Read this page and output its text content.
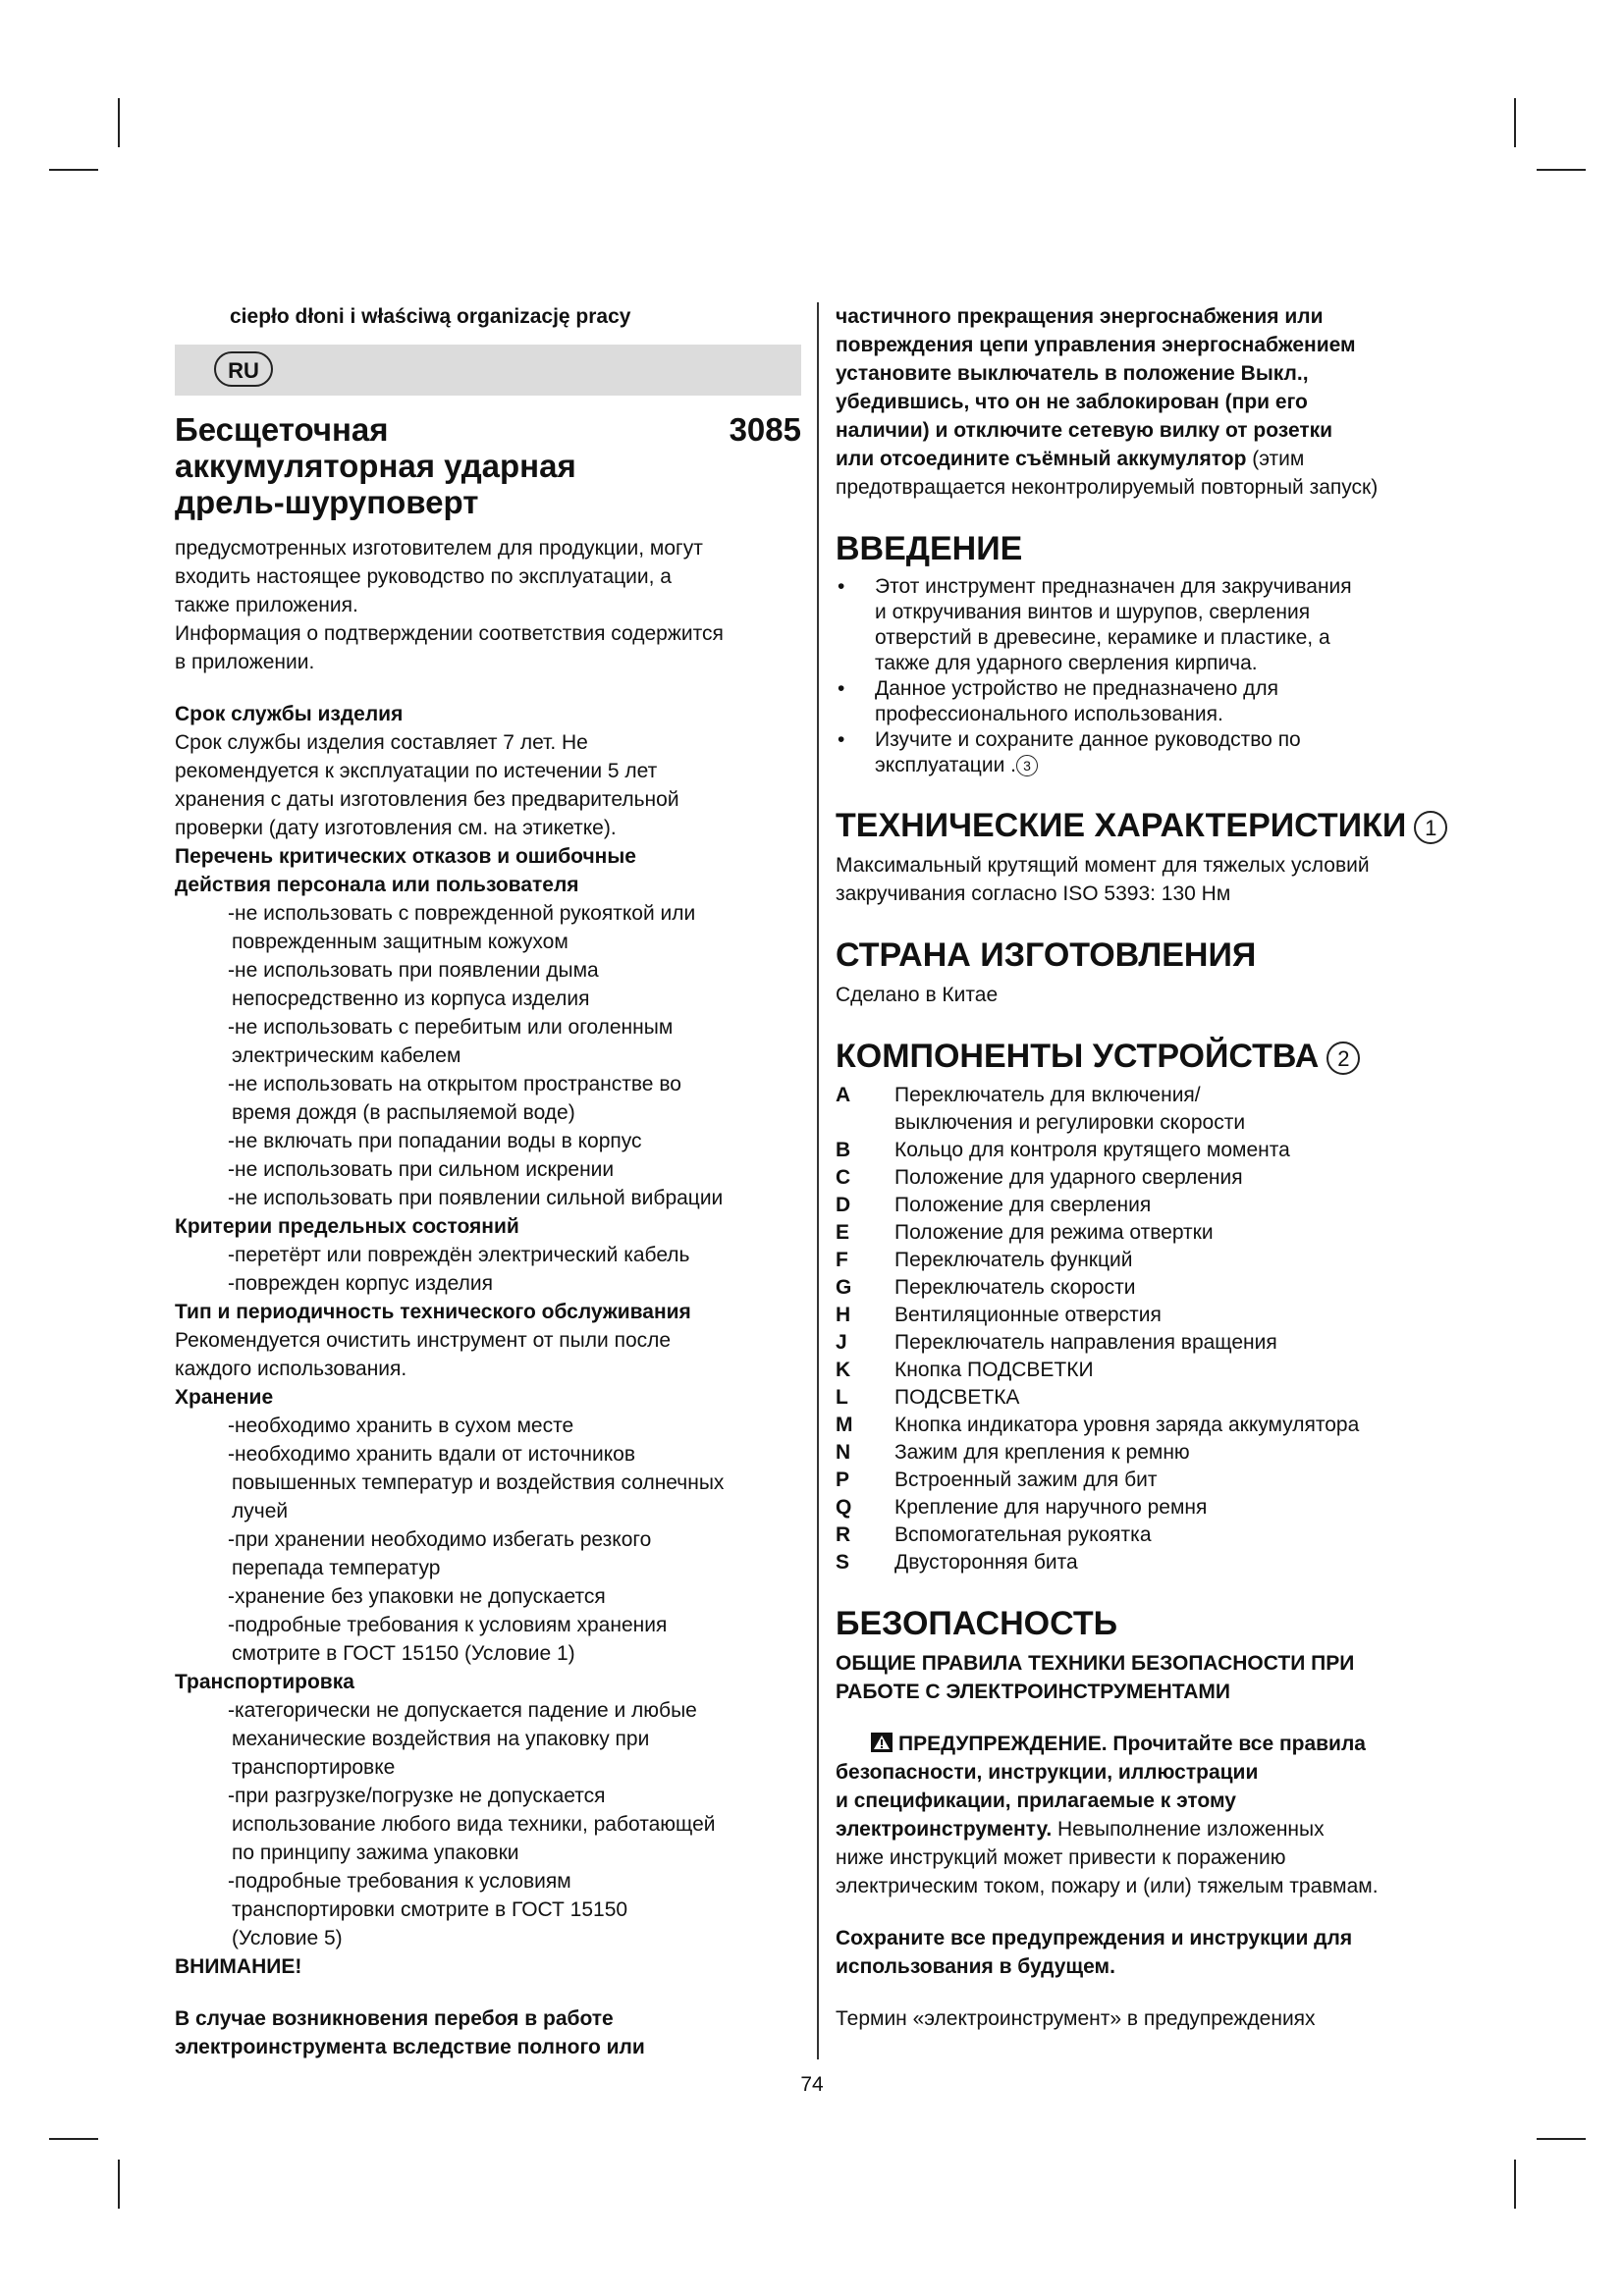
ciepło dłoni i właściwą organizację pracy

RU
Бесщеточная
аккумуляторная ударная
дрель-шуруповерт
3085

предусмотренных изготовителем для продукции, могут

входить настоящее руководство по эксплуатации, а

также приложения.

Информация о подтверждении соответствия содержится

в приложении.

Срок службы изделия

Срок службы изделия составляет 7 лет. Не

рекомендуется к эксплуатации по истечении 5 лет

хранения с даты изготовления без предварительной

проверки (дату изготовления см. на этикетке).

Перечень критических отказов и ошибочные

действия персонала или пользователя

-не использовать с поврежденной рукояткой или

поврежденным защитным кожухом

-не использовать при появлении дыма

непосредственно из корпуса изделия

-не использовать с перебитым или оголенным

электрическим кабелем

-не использовать на открытом пространстве во

время дождя (в распыляемой воде)

-не включать при попадании воды в корпус

-не использовать при сильном искрении

-не использовать при появлении сильной вибрации

Критерии предельных состояний

-перетёрт или повреждён электрический кабель

-поврежден корпус изделия

Тип и периодичность технического обслуживания

Рекомендуется очистить инструмент от пыли после

каждого использования.

Хранение

-необходимо хранить в сухом месте

-необходимо хранить вдали от источников

повышенных температур и воздействия солнечных

лучей

-при хранении необходимо избегать резкого

перепада температур

-хранение без упаковки не допускается

-подробные требования к условиям хранения

смотрите в ГОСТ 15150 (Условие 1)

Транспортировка

-категорически не допускается падение и любые

механические воздействия на упаковку при

транспортировке

-при разгрузке/погрузке не допускается

использование любого вида техники, работающей

по принципу зажима упаковки

-подробные требования к условиям

транспортировки смотрите в ГОСТ 15150

(Условие 5)

ВНИМАНИЕ!

В случае возникновения перебоя в работе

электроинструмента вследствие полного или

частичного прекращения энергоснабжения или

повреждения цепи управления энергоснабжением

установите выключатель в положение Выкл.,

убедившись, что он не заблокирован (при его

наличии) и отключите сетевую вилку от розетки

или отсоедините съёмный аккумулятор (этим

предотвращается неконтролируемый повторный запуск)

ВВЕДЕНИЕ
• Этот инструмент предназначен для закручивания
и откручивания винтов и шурупов, сверления
отверстий в древесине, керамике и пластике, а
также для ударного сверления кирпича.
• Данное устройство не предназначено для
профессионального использования.
• Изучите и сохраните данное руководство по
эксплуатации . 3
ТЕХНИЧЕСКИЕ ХАРАКТЕРИСТИКИ 1

Максимальный крутящий момент для тяжелых условий

закручивания согласно ISO 5393: 130 Нм

СТРАНА ИЗГОТОВЛЕНИЯ

Сделано в Китае

КОМПОНЕНТЫ УСТРОЙСТВА 2
A	Переключатель для включения/
выключения и регулировки скорости
B	Кольцо для контроля крутящего момента
C	Положение для ударного сверления
D	Положение для сверления
E	Положение для режима отвертки
F	Переключатель функций
G	Переключатель скорости
H	Вентиляционные отверстия
J	Переключатель направления вращения
K	Кнопка ПОДСВЕТКИ
L	ПОДСВЕТКА
M	Кнопка индикатора уровня заряда аккумулятора
N	Зажим для крепления к ремню
P	Встроенный зажим для бит
Q	Крепление для наручного ремня
R	Вспомогательная рукоятка
S	Двусторонняя бита
БЕЗОПАСНОСТЬ

ОБЩИЕ ПРАВИЛА ТЕХНИКИ БЕЗОПАСНОСТИ ПРИ

РАБОТЕ С ЭЛЕКТРОИНСТРУМЕНТАМИ

ПРЕДУПРЕЖДЕНИЕ. Прочитайте все правила

безопасности, инструкции, иллюстрации

и спецификации, прилагаемые к этому

электроинструменту. Невыполнение изложенных

ниже инструкций может привести к поражению

электрическим током, пожару и (или) тяжелым травмам.

Сохраните все предупреждения и инструкции для

использования в будущем.

Термин «электроинструмент» в предупреждениях

74
